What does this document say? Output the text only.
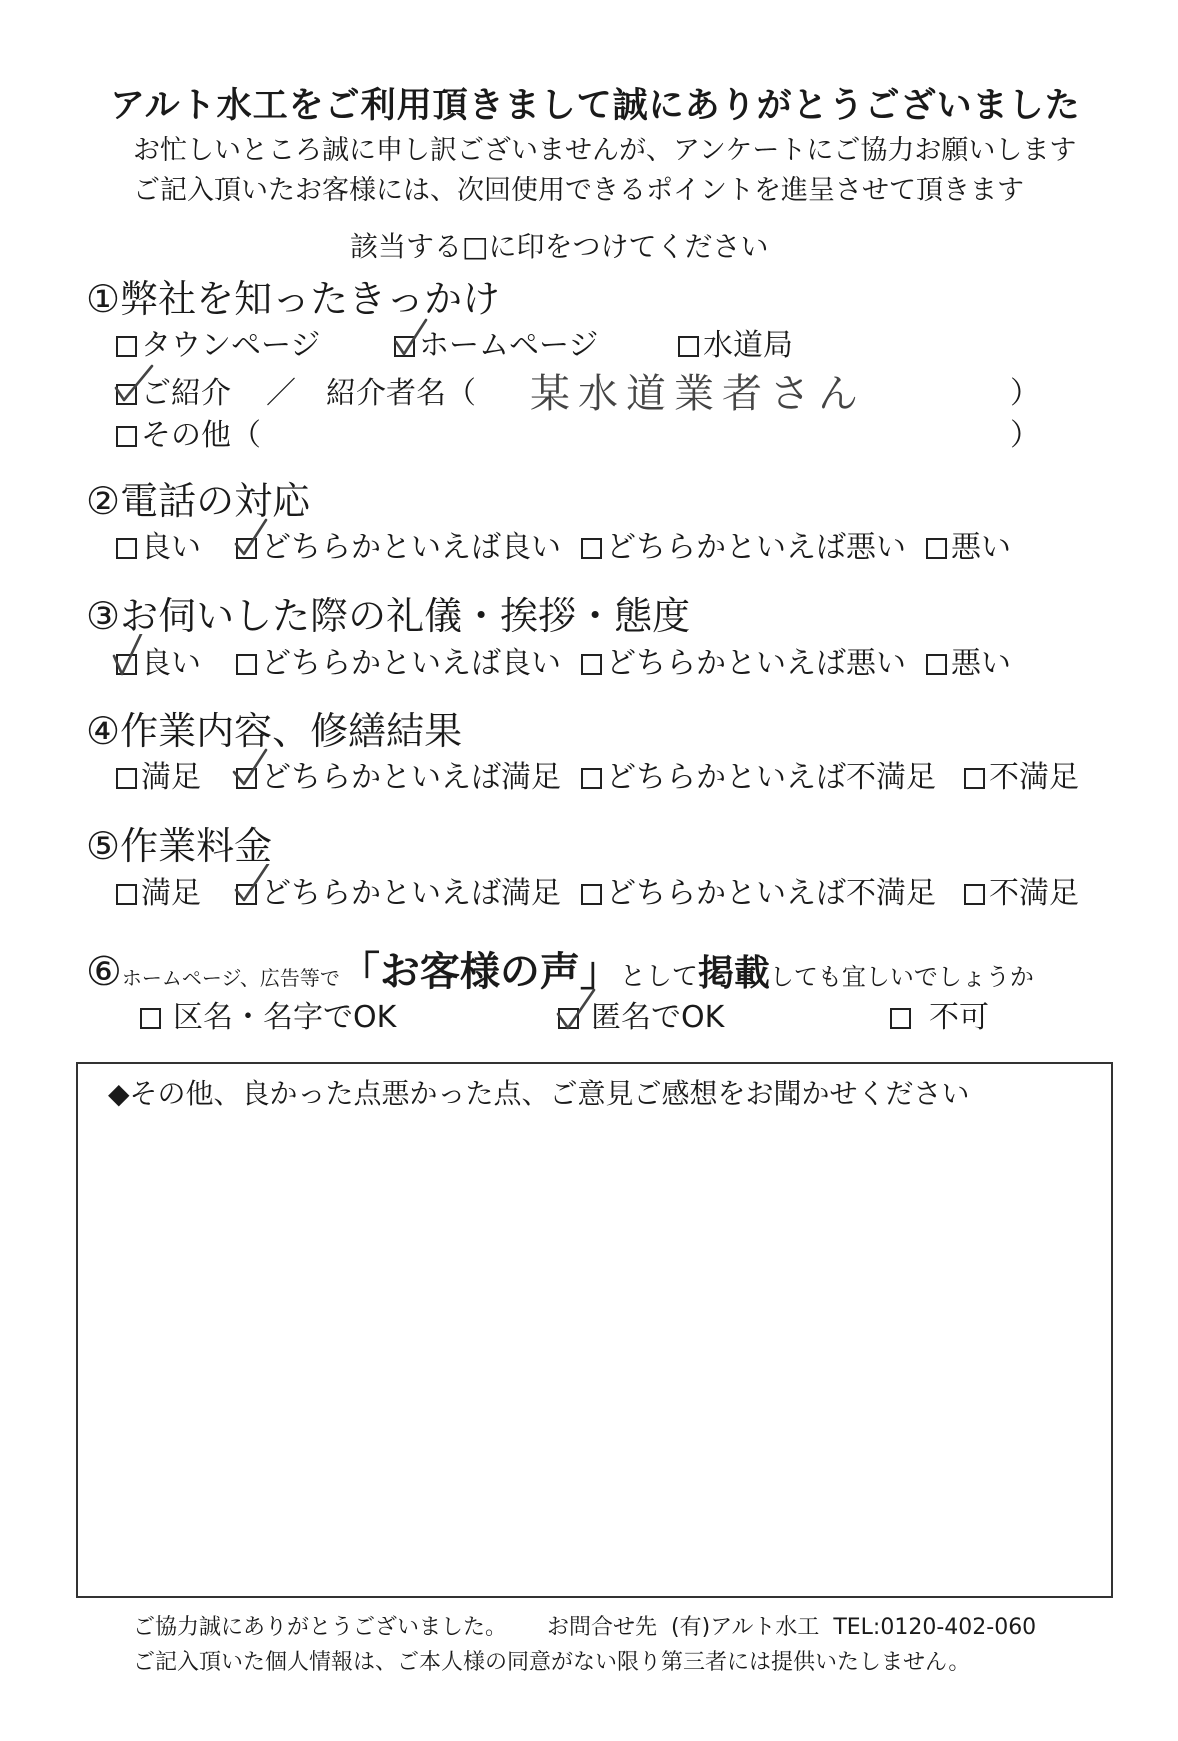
アルト水工をご利用頂きまして誠にありがとうございました
お忙しいところ誠に申し訳ございませんが、アンケートにご協力お願いします
ご記入頂いたお客様には、次回使用できるポイントを進呈させて頂きます
該当する□に印をつけてください
①弊社を知ったきっかけ
タウンページ	ホームページ	水道局
ご紹介 ／　紹介者名（ 某水道業者さん	）
その他（	）
②電話の対応
良い	どちらかといえば良い	どちらかといえば悪い	悪い
③お伺いした際の礼儀・挨拶・態度
良い	どちらかといえば良い	どちらかといえば悪い	悪い
④作業内容、修繕結果
満足	どちらかといえば満足	どちらかといえば不満足	不満足
⑤作業料金
満足	どちらかといえば満足	どちらかといえば不満足	不満足
⑥ホームページ、広告等で「お客様の声」として掲載しても宜しいでしょうか
区名・名字でOK	匿名でOK	不可
◆その他、良かった点悪かった点、ご意見ご感想をお聞かせください
ご協力誠にありがとうございました。 お問合せ先 (有)アルト水工 TEL:0120-402-060
ご記入頂いた個人情報は、ご本人様の同意がない限り第三者には提供いたしません。
